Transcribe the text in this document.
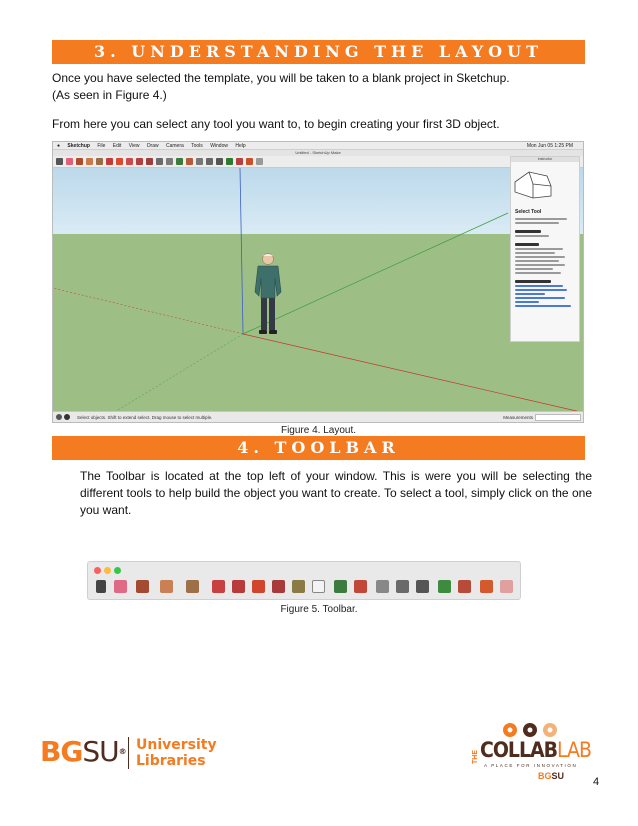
3. UNDERSTANDING THE LAYOUT
Once you have selected the template, you will be taken to a blank project in Sketchup.
(As seen in Figure 4.)
From here you can select any tool you want to, to begin creating your first 3D object.
● Sketchup File Edit View Draw Camera Tools Window Help	Mon Jun 05 1:25 PM
Untitled - SketchUp Make
Instructor
Select Tool
Select objects. Shift to extend select. Drag mouse to select multiple.	Measurements
Figure 4. Layout.
4. TOOLBAR
The Toolbar is located at the top left of your window. This is were you will be selecting the
different tools to help build the object you want to create. To select a tool, simply click on the one
you want.
Figure 5. Toolbar.
BGSU® University
Libraries	THE COLLABLAB
A PLACE FOR INNOVATION
BGSU	4
